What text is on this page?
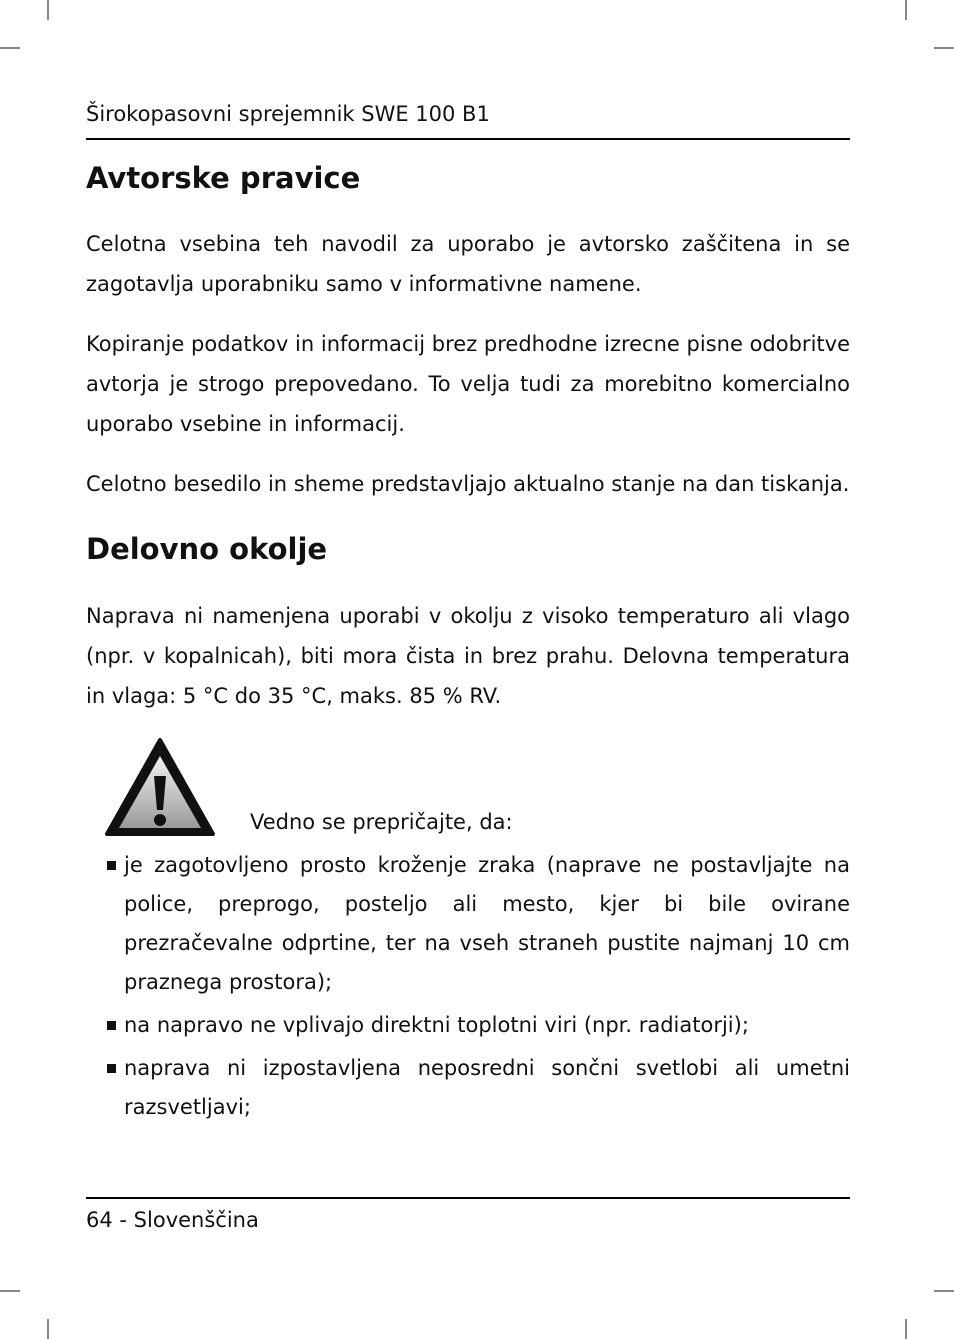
Širokopasovni sprejemnik SWE 100 B1
Avtorske pravice

Celotna vsebina teh navodil za uporabo je avtorsko zaščitena in se zagotavlja uporabniku samo v informativne namene.

Kopiranje podatkov in informacij brez predhodne izrecne pisne odobritve avtorja je strogo prepovedano. To velja tudi za morebitno komercialno uporabo vsebine in informacij.

Celotno besedilo in sheme predstavljajo aktualno stanje na dan tiskanja.

Delovno okolje

Naprava ni namenjena uporabi v okolju z visoko temperaturo ali vlago (npr. v kopalnicah), biti mora čista in brez prahu. Delovna temperatura in vlaga: 5 °C do 35 °C, maks. 85 % RV.

Vedno se prepričajte, da:
je zagotovljeno prosto kroženje zraka (naprave ne postavljajte na police, preprogo, posteljo ali mesto, kjer bi bile ovirane prezračevalne odprtine, ter na vseh straneh pustite najmanj 10 cm praznega prostora);
na napravo ne vplivajo direktni toplotni viri (npr. radiatorji);
naprava ni izpostavljena neposredni sončni svetlobi ali umetni razsvetljavi;
64 - Slovenščina
